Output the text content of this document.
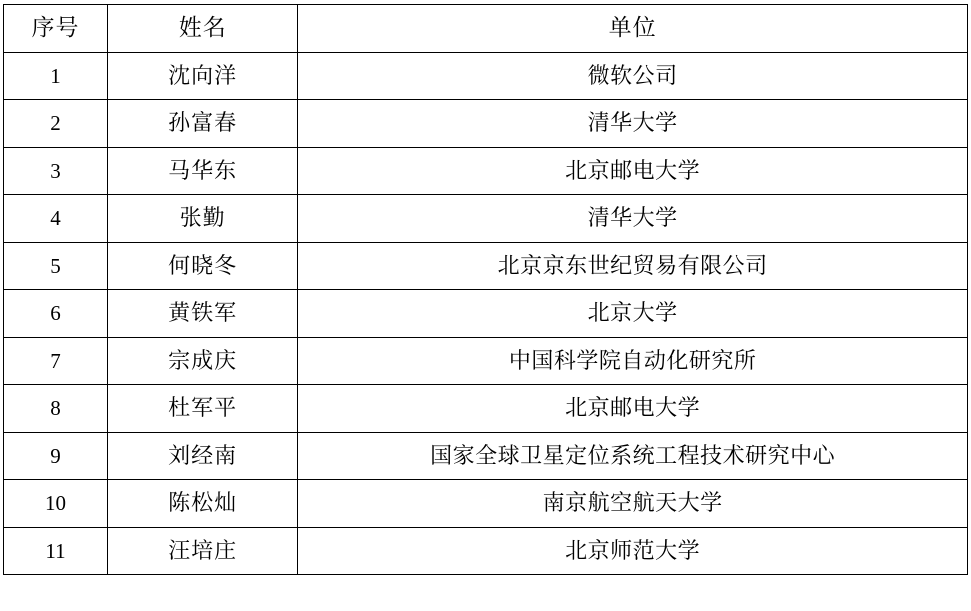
序号	姓名	单位
1	沈向洋	微软公司
2	孙富春	清华大学
3	马华东	北京邮电大学
4	张勤	清华大学
5	何晓冬	北京京东世纪贸易有限公司
6	黄铁军	北京大学
7	宗成庆	中国科学院自动化研究所
8	杜军平	北京邮电大学
9	刘经南	国家全球卫星定位系统工程技术研究中心
10	陈松灿	南京航空航天大学
11	汪培庄	北京师范大学
